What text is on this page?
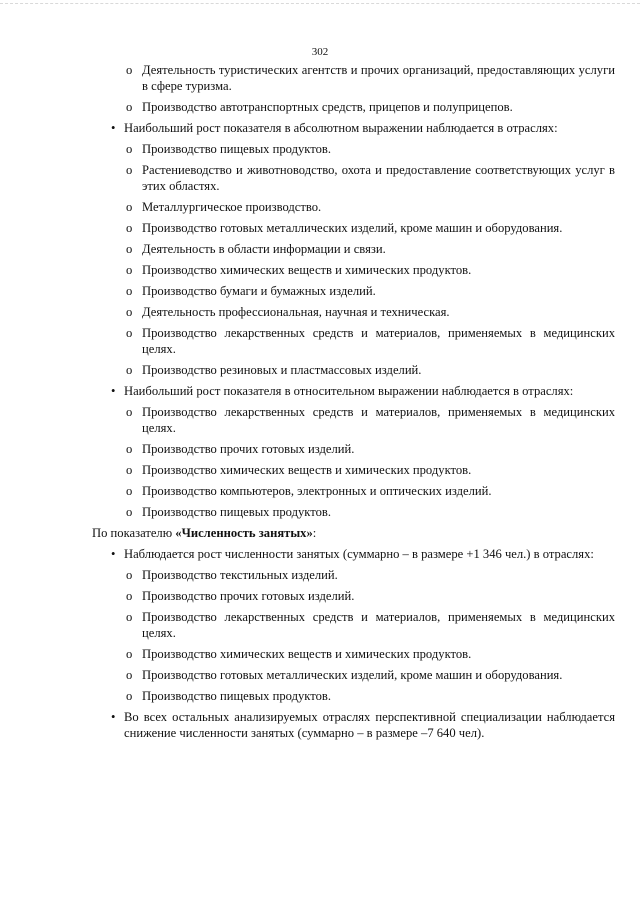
302
o Деятельность туристических агентств и прочих организаций, предоставляющих услуги в сфере туризма.
o Производство автотранспортных средств, прицепов и полуприцепов.
• Наибольший рост показателя в абсолютном выражении наблюдается в отраслях:
o Производство пищевых продуктов.
o Растениеводство и животноводство, охота и предоставление соответствующих услуг в этих областях.
o Металлургическое производство.
o Производство готовых металлических изделий, кроме машин и оборудования.
o Деятельность в области информации и связи.
o Производство химических веществ и химических продуктов.
o Производство бумаги и бумажных изделий.
o Деятельность профессиональная, научная и техническая.
o Производство лекарственных средств и материалов, применяемых в медицинских целях.
o Производство резиновых и пластмассовых изделий.
• Наибольший рост показателя в относительном выражении наблюдается в отраслях:
o Производство лекарственных средств и материалов, применяемых в медицинских целях.
o Производство прочих готовых изделий.
o Производство химических веществ и химических продуктов.
o Производство компьютеров, электронных и оптических изделий.
o Производство пищевых продуктов.
По показателю «Численность занятых»:
• Наблюдается рост численности занятых (суммарно – в размере +1 346 чел.) в отраслях:
o Производство текстильных изделий.
o Производство прочих готовых изделий.
o Производство лекарственных средств и материалов, применяемых в медицинских целях.
o Производство химических веществ и химических продуктов.
o Производство готовых металлических изделий, кроме машин и оборудования.
o Производство пищевых продуктов.
• Во всех остальных анализируемых отраслях перспективной специализации наблюдается снижение численности занятых (суммарно – в размере –7 640 чел).
